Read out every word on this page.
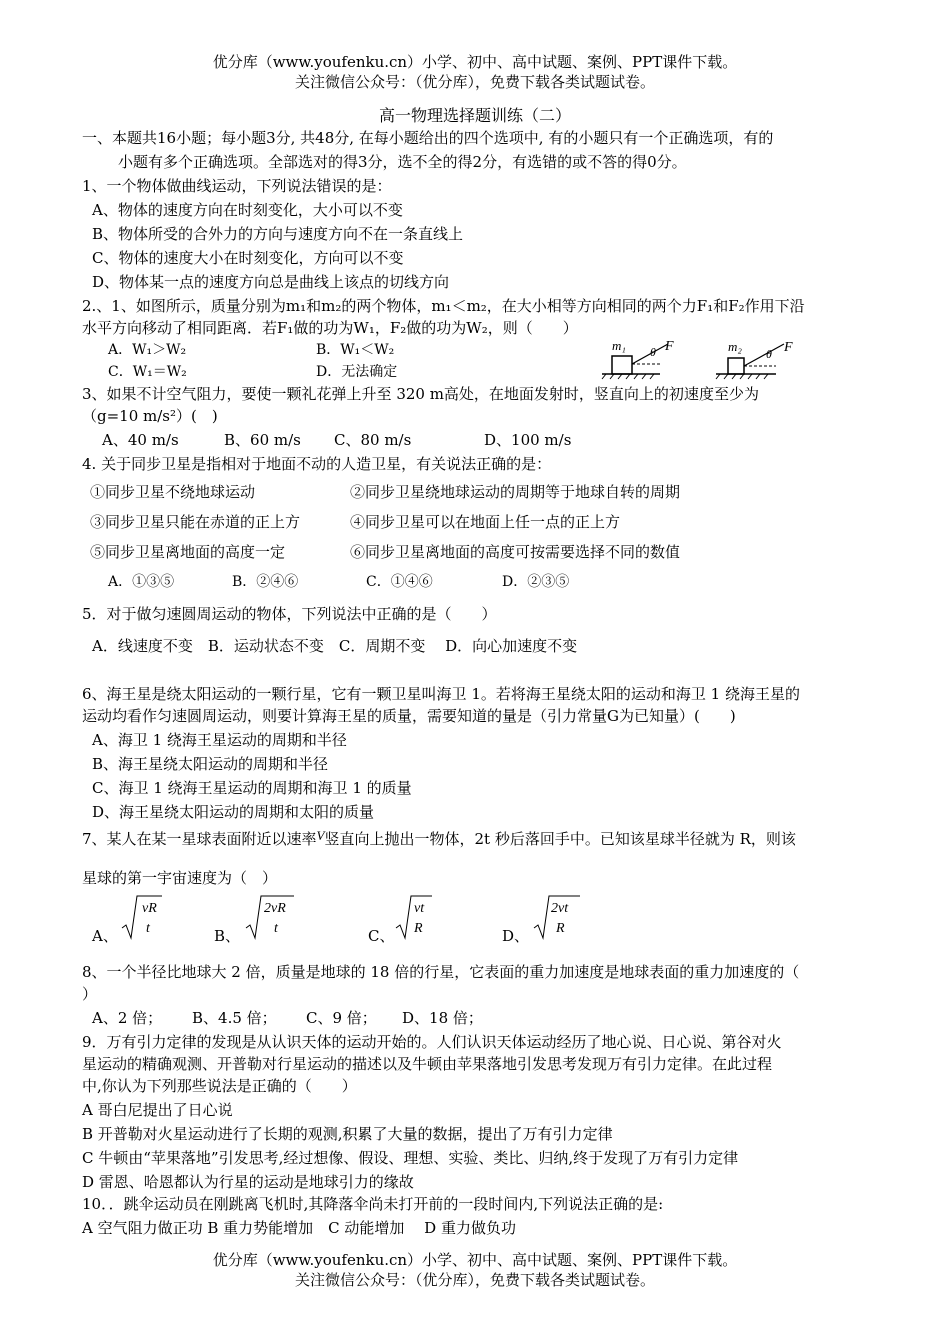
优分库（www.youfenku.cn）小学、初中、高中试题、案例、PPT课件下载。
关注微信公众号：（优分库），免费下载各类试题试卷。
高一物理选择题训练（二）
一、本题共16小题；每小题3分, 共48分, 在每小题给出的四个选项中, 有的小题只有一个正确选项，有的
小题有多个正确选项。全部选对的得3分，选不全的得2分，有选错的或不答的得0分。
1、一个物体做曲线运动，下列说法错误的是：
A、物体的速度方向在时刻变化，大小可以不变
B、物体所受的合外力的方向与速度方向不在一条直线上
C、物体的速度大小在时刻变化，方向可以不变
D、物体某一点的速度方向总是曲线上该点的切线方向
2.、1、如图所示，质量分别为m₁和m₂的两个物体，m₁＜m₂，在大小相等方向相同的两个力F₁和F₂作用下沿
水平方向移动了相同距离．若F₁做的功为W₁，F₂做的功为W₂，则（　　）
A．W₁＞W₂	B．W₁＜W₂
C．W₁＝W₂	D．无法确定
m₁ θ F	m₂ θ F
3、如果不计空气阻力，要使一颗礼花弹上升至 320 m高处，在地面发射时，竖直向上的初速度至少为
（g=10 m/s²）(　)
A、40 m/s	B、60 m/s C、80 m/s	D、100 m/s
4. 关于同步卫星是指相对于地面不动的人造卫星，有关说法正确的是：
①同步卫星不绕地球运动	②同步卫星绕地球运动的周期等于地球自转的周期
③同步卫星只能在赤道的正上方	④同步卫星可以在地面上任一点的正上方
⑤同步卫星离地面的高度一定	⑥同步卫星离地面的高度可按需要选择不同的数值
A．①③⑤	B．②④⑥	C．①④⑥	D．②③⑤
5．对于做匀速圆周运动的物体，下列说法中正确的是（　　）
A．线速度不变　B．运动状态不变　C．周期不变　 D．向心加速度不变
6、海王星是绕太阳运动的一颗行星，它有一颗卫星叫海卫 1。若将海王星绕太阳的运动和海卫 1 绕海王星的
运动均看作匀速圆周运动，则要计算海王星的质量，需要知道的量是（引力常量G为已知量）(　　)
A、海卫 1 绕海王星运动的周期和半径
B、海王星绕太阳运动的周期和半径
C、海卫 1 绕海王星运动的周期和海卫 1 的质量
D、海王星绕太阳运动的周期和太阳的质量
7、某人在某一星球表面附近以速率V竖直向上抛出一物体，2t 秒后落回手中。已知该星球半径就为 R，则该
星球的第一宇宙速度为（　）
A、
vR
t	B、
2vR
t	C、
vt
R	D、
2vt
R
8、一个半径比地球大 2 倍，质量是地球的 18 倍的行星，它表面的重力加速度是地球表面的重力加速度的（
）
A、2 倍； B、4.5 倍； C、9 倍； D、18 倍；
9．万有引力定律的发现是从认识天体的运动开始的。人们认识天体运动经历了地心说、日心说、第谷对火
星运动的精确观测、开普勒对行星运动的描述以及牛顿由苹果落地引发思考发现万有引力定律。在此过程
中,你认为下列那些说法是正确的（　　）
A 哥白尼提出了日心说
B 开普勒对火星运动进行了长期的观测,积累了大量的数据，提出了万有引力定律
C 牛顿由“苹果落地”引发思考,经过想像、假设、理想、实验、类比、归纳,终于发现了万有引力定律
D 雷恩、哈恩都认为行星的运动是地球引力的缘故
10．．跳伞运动员在刚跳离飞机时,其降落伞尚未打开前的一段时间内,下列说法正确的是:
A 空气阻力做正功 B 重力势能增加　C 动能增加　 D 重力做负功
优分库（www.youfenku.cn）小学、初中、高中试题、案例、PPT课件下载。
关注微信公众号：（优分库），免费下载各类试题试卷。
